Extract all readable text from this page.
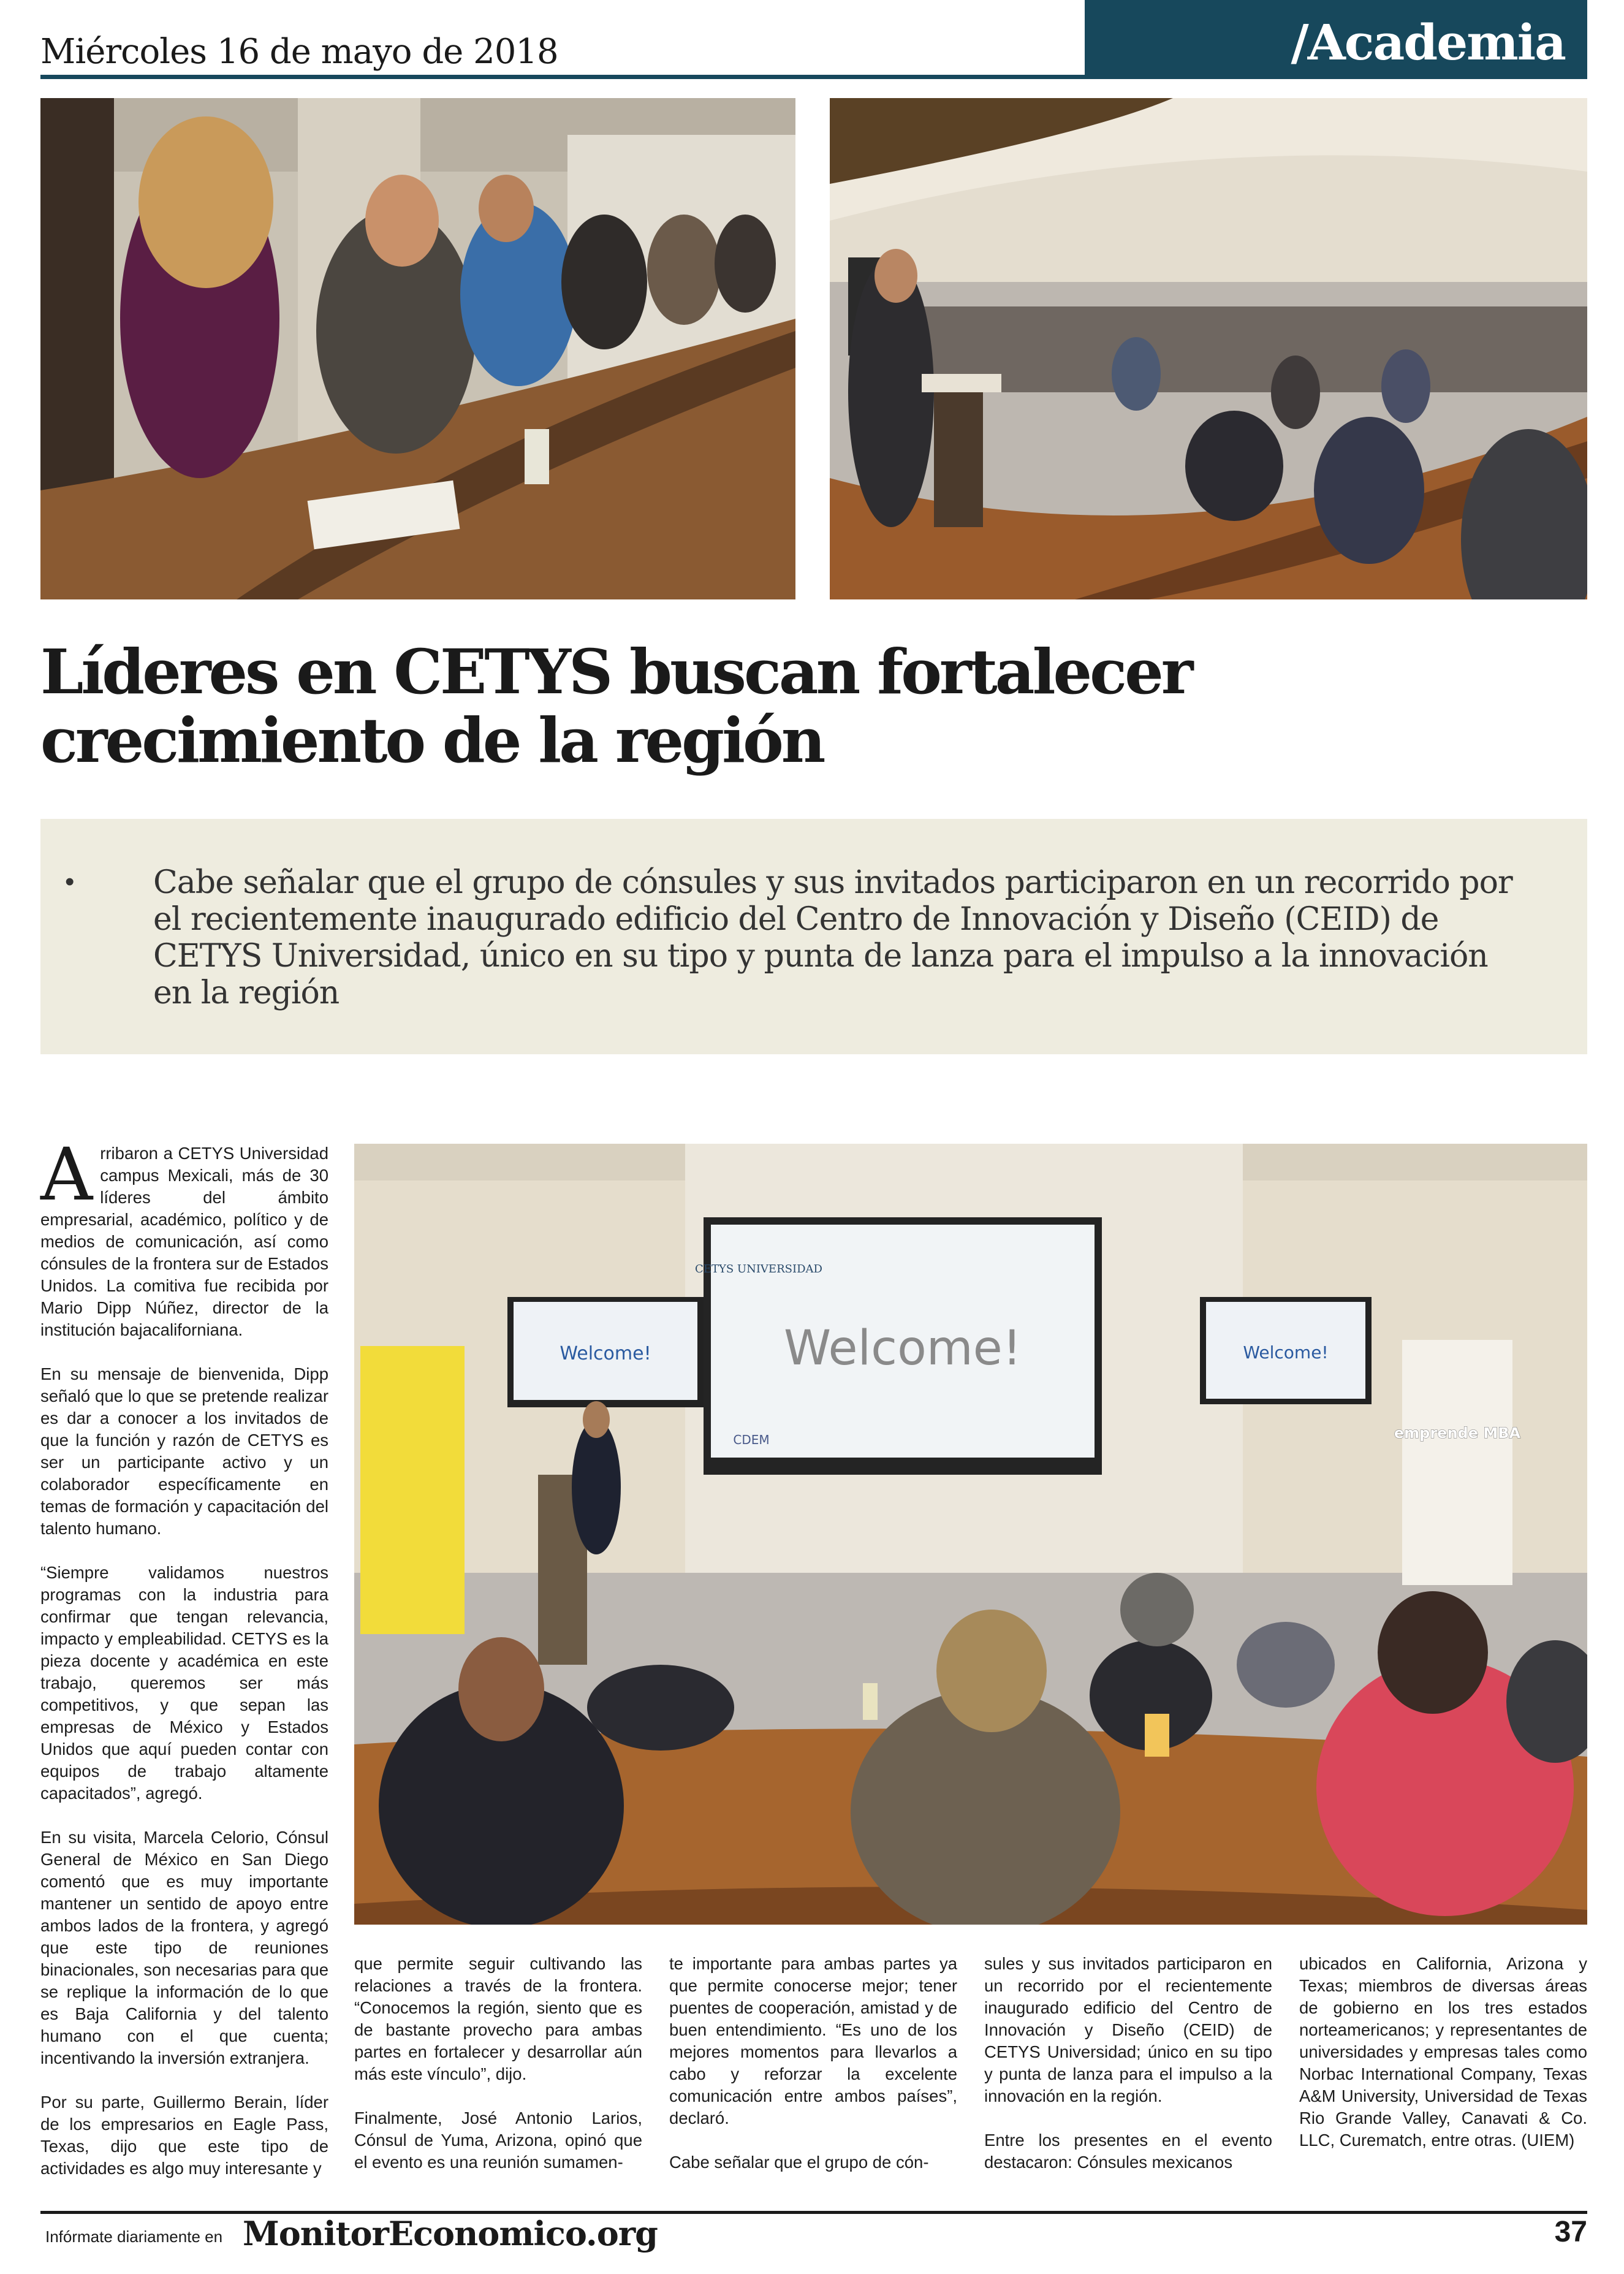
Miércoles 16 de mayo de 2018	/Academia
Líderes en CETYS buscan fortalecer crecimiento de la región
• Cabe señalar que el grupo de cónsules y sus invitados participaron en un recorrido por el recientemente inaugurado edificio del Centro de Innovación y Diseño (CEID) de CETYS Universidad, único en su tipo y punta de lanza para el impulso a la innovación en la región

Welcome!
CETYS UNIVERSIDAD
CDEM
Welcome!	Welcome!
emprende MBA

Arribaron a CETYS Universidad campus Mexicali, más de 30 líderes del ámbito empresarial, académico, político y de medios de comunicación, así como cónsules de la frontera sur de Estados Unidos. La comitiva fue recibida por Mario Dipp Núñez, director de la institución bajacaliforniana.

En su mensaje de bienvenida, Dipp señaló que lo que se pretende realizar es dar a conocer a los invitados de que la función y razón de CETYS es ser un participante activo y un colaborador específicamente en temas de formación y capacitación del talento humano.

“Siempre validamos nuestros programas con la industria para confirmar que tengan relevancia, impacto y empleabilidad. CETYS es la pieza docente y académica en este trabajo, queremos ser más competitivos, y que sepan las empresas de México y Estados Unidos que aquí pueden contar con equipos de trabajo altamente capacitados”, agregó.

En su visita, Marcela Celorio, Cónsul General de México en San Diego comentó que es muy importante mantener un sentido de apoyo entre ambos lados de la frontera, y agregó que este tipo de reuniones binacionales, son necesarias para que se replique la información de lo que es Baja California y del talento humano con el que cuenta; incentivando la inversión extranjera.

Por su parte, Guillermo Berain, líder de los empresarios en Eagle Pass, Texas, dijo que este tipo de actividades es algo muy interesante y

que permite seguir cultivando las relaciones a través de la frontera. “Conocemos la región, siento que es de bastante provecho para ambas partes en fortalecer y desarrollar aún más este vínculo”, dijo.

Finalmente, José Antonio Larios, Cónsul de Yuma, Arizona, opinó que el evento es una reunión sumamen-

te importante para ambas partes ya que permite conocerse mejor; tener puentes de cooperación, amistad y de buen entendimiento. “Es uno de los mejores momentos para llevarlos a cabo y reforzar la excelente comunicación entre ambos países”, declaró.

Cabe señalar que el grupo de cón-

sules y sus invitados participaron en un recorrido por el recientemente inaugurado edificio del Centro de Innovación y Diseño (CEID) de CETYS Universidad; único en su tipo y punta de lanza para el impulso a la innovación en la región.

Entre los presentes en el evento destacaron: Cónsules mexicanos

ubicados en California, Arizona y Texas; miembros de diversas áreas de gobierno en los tres estados norteamericanos; y representantes de universidades y empresas tales como Norbac International Company, Texas A&M University, Universidad de Texas Rio Grande Valley, Canavati & Co. LLC, Curematch, entre otras. (UIEM)

Infórmate diariamente en MonitorEconomico.org	37
